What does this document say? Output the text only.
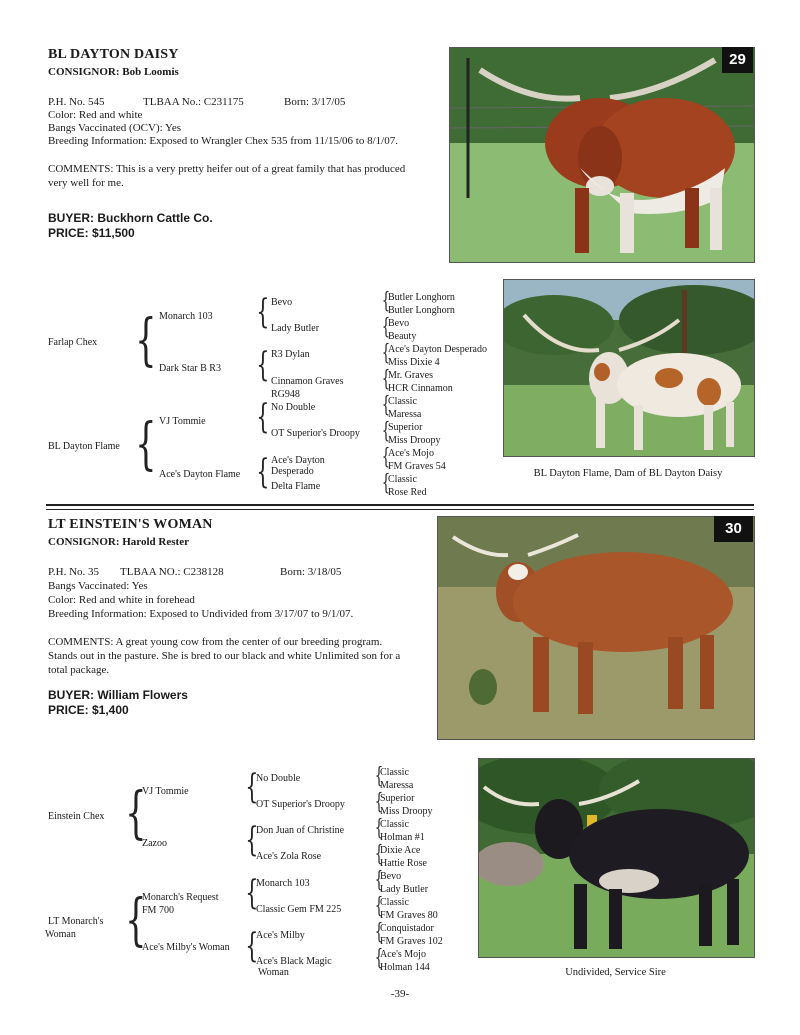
BL DAYTON DAISY
CONSIGNOR: Bob Loomis
P.H. No. 545	TLBAA No.: C231175	Born: 3/17/05
Color: Red and white
Bangs Vaccinated (OCV): Yes
Breeding Information: Exposed to Wrangler Chex 535 from 11/15/06 to 8/1/07.
COMMENTS: This is a very pretty heifer out of a great family that has produced
very well for me.
BUYER: Buckhorn Cattle Co.
PRICE: $11,500
29
Farlap Chex
BL Dayton Flame
{
{
Monarch 103
Dark Star B R3
VJ Tommie
Ace's Dayton Flame
{
{
{
{
Bevo
Lady Butler
R3 Dylan
Cinnamon Graves
RG948
No Double
OT Superior's Droopy
Ace's Dayton
Desperado
Delta Flame
{
{
{
{
{
{
{
{
Butler Longhorn
Butler Longhorn
Bevo
Beauty
Ace's Dayton Desperado
Miss Dixie 4
Mr. Graves
HCR Cinnamon
Classic
Maressa
Superior
Miss Droopy
Ace's Mojo
FM Graves 54
Classic
Rose Red
BL Dayton Flame, Dam of BL Dayton Daisy
LT EINSTEIN'S WOMAN
CONSIGNOR: Harold Rester
P.H. No. 35 TLBAA NO.: C238128	Born: 3/18/05
Bangs Vaccinated: Yes
Color: Red and white in forehead
Breeding Information: Exposed to Undivided from 3/17/07 to 9/1/07.
COMMENTS: A great young cow from the center of our breeding program.
Stands out in the pasture. She is bred to our black and white Unlimited son for a
total package.
BUYER: William Flowers
PRICE: $1,400
30
Einstein Chex
LT Monarch's
Woman
{
{
VJ Tommie
Zazoo
Monarch's Request
FM 700
Ace's Milby's Woman
{
{
{
{
No Double
OT Superior's Droopy
Don Juan of Christine
Ace's Zola Rose
Monarch 103
Classic Gem FM 225
Ace's Milby
Ace's Black Magic
Woman
{
{
{
{
{
{
{
{
Classic
Maressa
Superior
Miss Droopy
Classic
Holman #1
Dixie Ace
Hattie Rose
Bevo
Lady Butler
Classic
FM Graves 80
Conquistador
FM Graves 102
Ace's Mojo
Holman 144	Undivided, Service Sire
-39-
